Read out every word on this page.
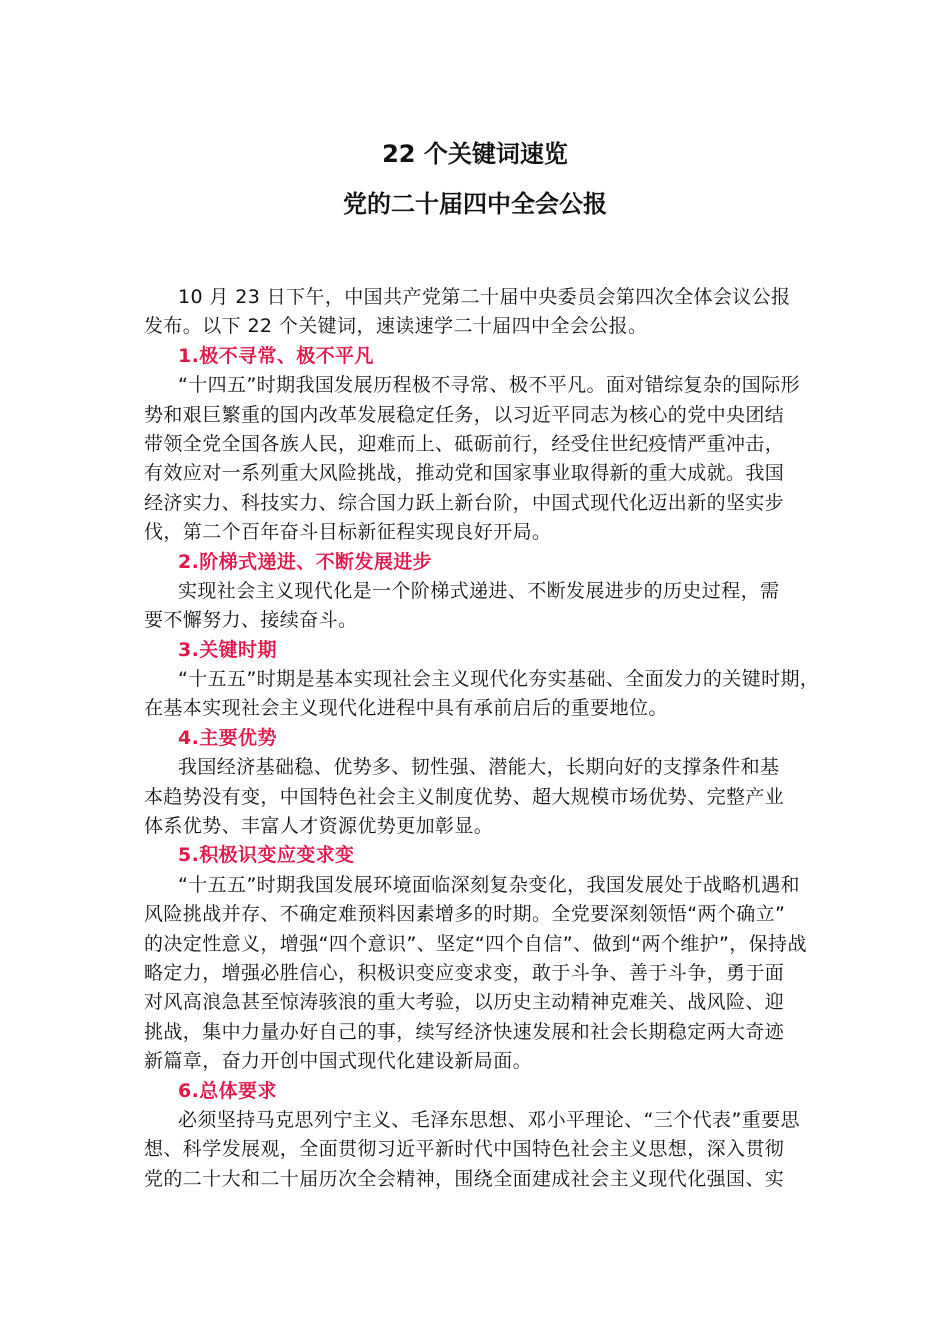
22 个关键词速览
党的二十届四中全会公报
10 月 23 日下午，中国共产党第二十届中央委员会第四次全体会议公报
发布。以下 22 个关键词，速读速学二十届四中全会公报。
1.极不寻常、极不平凡
“十四五”时期我国发展历程极不寻常、极不平凡。面对错综复杂的国际形
势和艰巨繁重的国内改革发展稳定任务，以习近平同志为核心的党中央团结
带领全党全国各族人民，迎难而上、砥砺前行，经受住世纪疫情严重冲击，
有效应对一系列重大风险挑战，推动党和国家事业取得新的重大成就。我国
经济实力、科技实力、综合国力跃上新台阶，中国式现代化迈出新的坚实步
伐，第二个百年奋斗目标新征程实现良好开局。
2.阶梯式递进、不断发展进步
实现社会主义现代化是一个阶梯式递进、不断发展进步的历史过程，需
要不懈努力、接续奋斗。
3.关键时期
“十五五”时期是基本实现社会主义现代化夯实基础、全面发力的关键时期，
在基本实现社会主义现代化进程中具有承前启后的重要地位。
4.主要优势
我国经济基础稳、优势多、韧性强、潜能大，长期向好的支撑条件和基
本趋势没有变，中国特色社会主义制度优势、超大规模市场优势、完整产业
体系优势、丰富人才资源优势更加彰显。
5.积极识变应变求变
“十五五”时期我国发展环境面临深刻复杂变化，我国发展处于战略机遇和
风险挑战并存、不确定难预料因素增多的时期。全党要深刻领悟“两个确立”
的决定性意义，增强“四个意识”、坚定“四个自信”、做到“两个维护”，保持战
略定力，增强必胜信心，积极识变应变求变，敢于斗争、善于斗争，勇于面
对风高浪急甚至惊涛骇浪的重大考验，以历史主动精神克难关、战风险、迎
挑战，集中力量办好自己的事，续写经济快速发展和社会长期稳定两大奇迹
新篇章，奋力开创中国式现代化建设新局面。
6.总体要求
必须坚持马克思列宁主义、毛泽东思想、邓小平理论、“三个代表”重要思
想、科学发展观，全面贯彻习近平新时代中国特色社会主义思想，深入贯彻
党的二十大和二十届历次全会精神，围绕全面建成社会主义现代化强国、实
